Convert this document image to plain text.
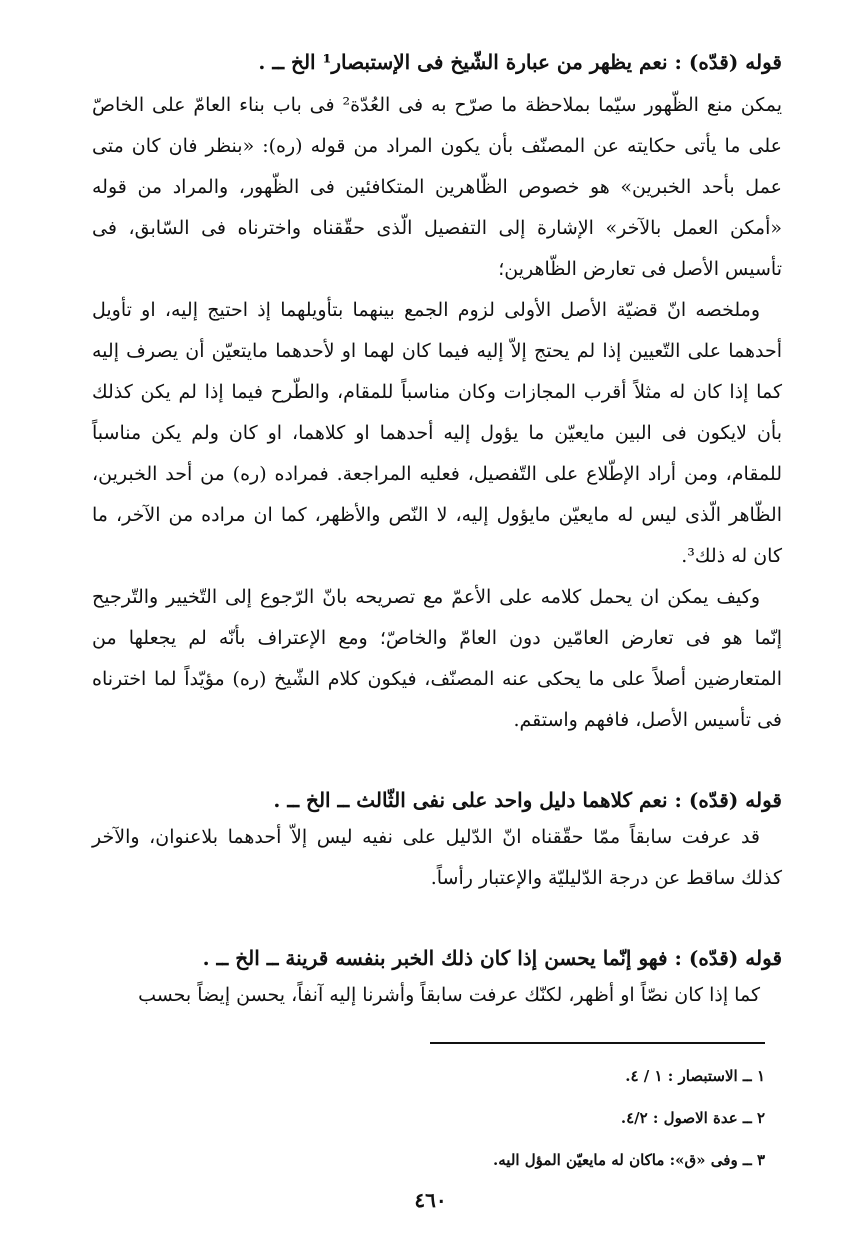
قوله (قدّه) : نعم يظهر من عبارة الشّيخ فى الإستبصار¹ الخ ــ .

يمكن منع الظّهور سيّما بملاحظة ما صرّح به فى العُدّة² فى باب بناء العامّ على الخاصّ على ما يأتى حكايته عن المصنّف بأن يكون المراد من قوله (ره): «بنظر فان كان متى عمل بأحد الخبرين» هو خصوص الظّاهرين المتكافئين فى الظّهور، والمراد من قوله «أمكن العمل بالآخر» الإشارة إلى التفصيل الّذى حقّقناه واخترناه فى السّابق، فى تأسيس الأصل فى تعارض الظّاهرين؛

وملخصه انّ قضيّة الأصل الأولى لزوم الجمع بينهما بتأويلهما إذ احتيج إليه، او تأويل أحدهما على التّعيين إذا لم يحتج إلاّ إليه فيما كان لهما او لأحدهما مايتعيّن أن يصرف إليه كما إذا كان له مثلاً أقرب المجازات وكان مناسباً للمقام، والطّرح فيما إذا لم يكن كذلك بأن لايكون فى البين مايعيّن ما يؤول إليه أحدهما او كلاهما، او كان ولم يكن مناسباً للمقام، ومن أراد الإطّلاع على التّفصيل، فعليه المراجعة. فمراده (ره) من أحد الخبرين، الظّاهر الّذى ليس له مايعيّن مايؤول إليه، لا النّص والأظهر، كما ان مراده من الآخر، ما كان له ذلك³.

وكيف يمكن ان يحمل كلامه على الأعمّ مع تصريحه بانّ الرّجوع إلى التّخيير والتّرجيح إنّما هو فى تعارض العامّين دون العامّ والخاصّ؛ ومع الإعتراف بأنّه لم يجعلها من المتعارضين أصلاً على ما يحكى عنه المصنّف، فيكون كلام الشّيخ (ره) مؤيّداً لما اخترناه فى تأسيس الأصل، فافهم واستقم.

قوله (قدّه) : نعم كلاهما دليل واحد على نفى الثّالث ــ الخ ــ .

قد عرفت سابقاً ممّا حقّقناه انّ الدّليل على نفيه ليس إلاّ أحدهما بلاعنوان، والآخر كذلك ساقط عن درجة الدّليليّة والإعتبار رأساً.

قوله (قدّه) : فهو إنّما يحسن إذا كان ذلك الخبر بنفسه قرينة ــ الخ ــ .

كما إذا كان نصّاً او أظهر، لكنّك عرفت سابقاً وأشرنا إليه آنفاً، يحسن إيضاً بحسب

١ ــ الاستبصار : ١ / ٤.

٢ ــ عدة الاصول : ٤/٢.

٣ ــ وفى «ق»: ماكان له مايعيّن المؤل اليه.

٤٦٠
